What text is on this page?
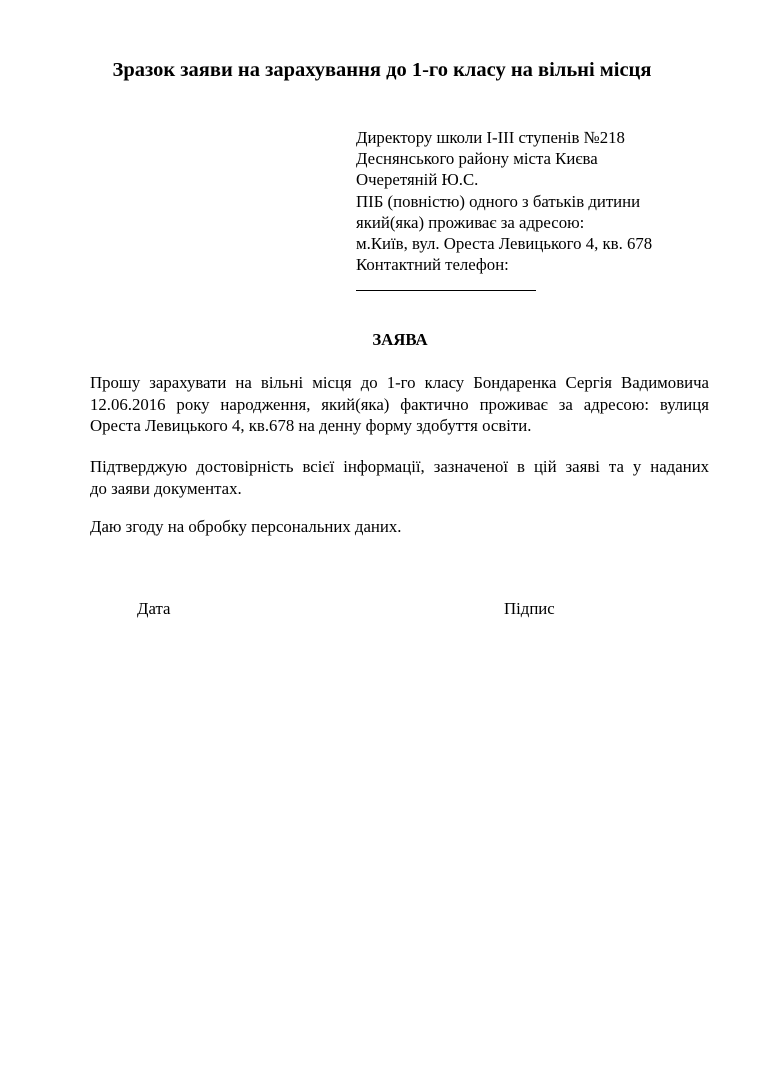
Зразок заяви на зарахування до 1-го класу на вільні місця
Директору школи І-ІІІ ступенів №218
Деснянського району міста Києва
Очеретяній Ю.С.
ПІБ (повністю) одного з батьків дитини
який(яка) проживає за адресою:
м.Київ, вул. Ореста Левицького 4, кв. 678
Контактний телефон:
ЗАЯВА
Прошу зарахувати на вільні місця до 1-го класу Бондаренка Сергія Вадимовича
12.06.2016 року народження, який(яка) фактично проживає за адресою: вулиця
Ореста Левицького 4, кв.678 на денну форму здобуття освіти.
Підтверджую достовірність всієї інформації, зазначеної в цій заяві та у наданих
до заяви документах.
Даю згоду на обробку персональних даних.
Дата	Підпис
